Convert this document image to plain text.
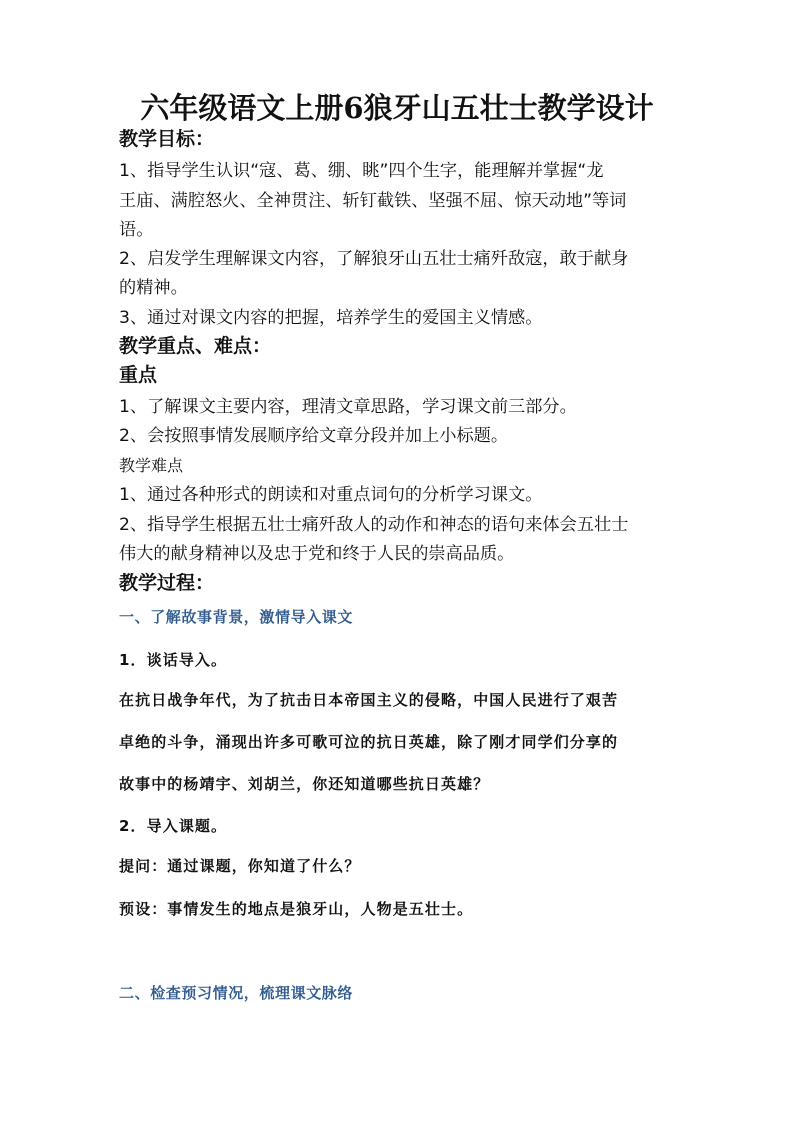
六年级语文上册6狼牙山五壮士教学设计
教学目标：
1、指导学生认识“寇、葛、绷、眺”四个生字，能理解并掌握“龙
王庙、满腔怒火、全神贯注、斩钉截铁、坚强不屈、惊天动地”等词
语。
2、启发学生理解课文内容，了解狼牙山五壮士痛歼敌寇，敢于献身
的精神。
3、通过对课文内容的把握，培养学生的爱国主义情感。
教学重点、难点：
重点
1、了解课文主要内容，理清文章思路，学习课文前三部分。
2、会按照事情发展顺序给文章分段并加上小标题。
教学难点
1、通过各种形式的朗读和对重点词句的分析学习课文。
2、指导学生根据五壮士痛歼敌人的动作和神态的语句来体会五壮士
伟大的献身精神以及忠于党和终于人民的崇高品质。
教学过程：
一、了解故事背景，激情导入课文
1．谈话导入。
在抗日战争年代，为了抗击日本帝国主义的侵略，中国人民进行了艰苦
卓绝的斗争，涌现出许多可歌可泣的抗日英雄，除了刚才同学们分享的
故事中的杨靖宇、刘胡兰，你还知道哪些抗日英雄？
2．导入课题。
提问：通过课题，你知道了什么？
预设：事情发生的地点是狼牙山，人物是五壮士。
二、检查预习情况，梳理课文脉络
